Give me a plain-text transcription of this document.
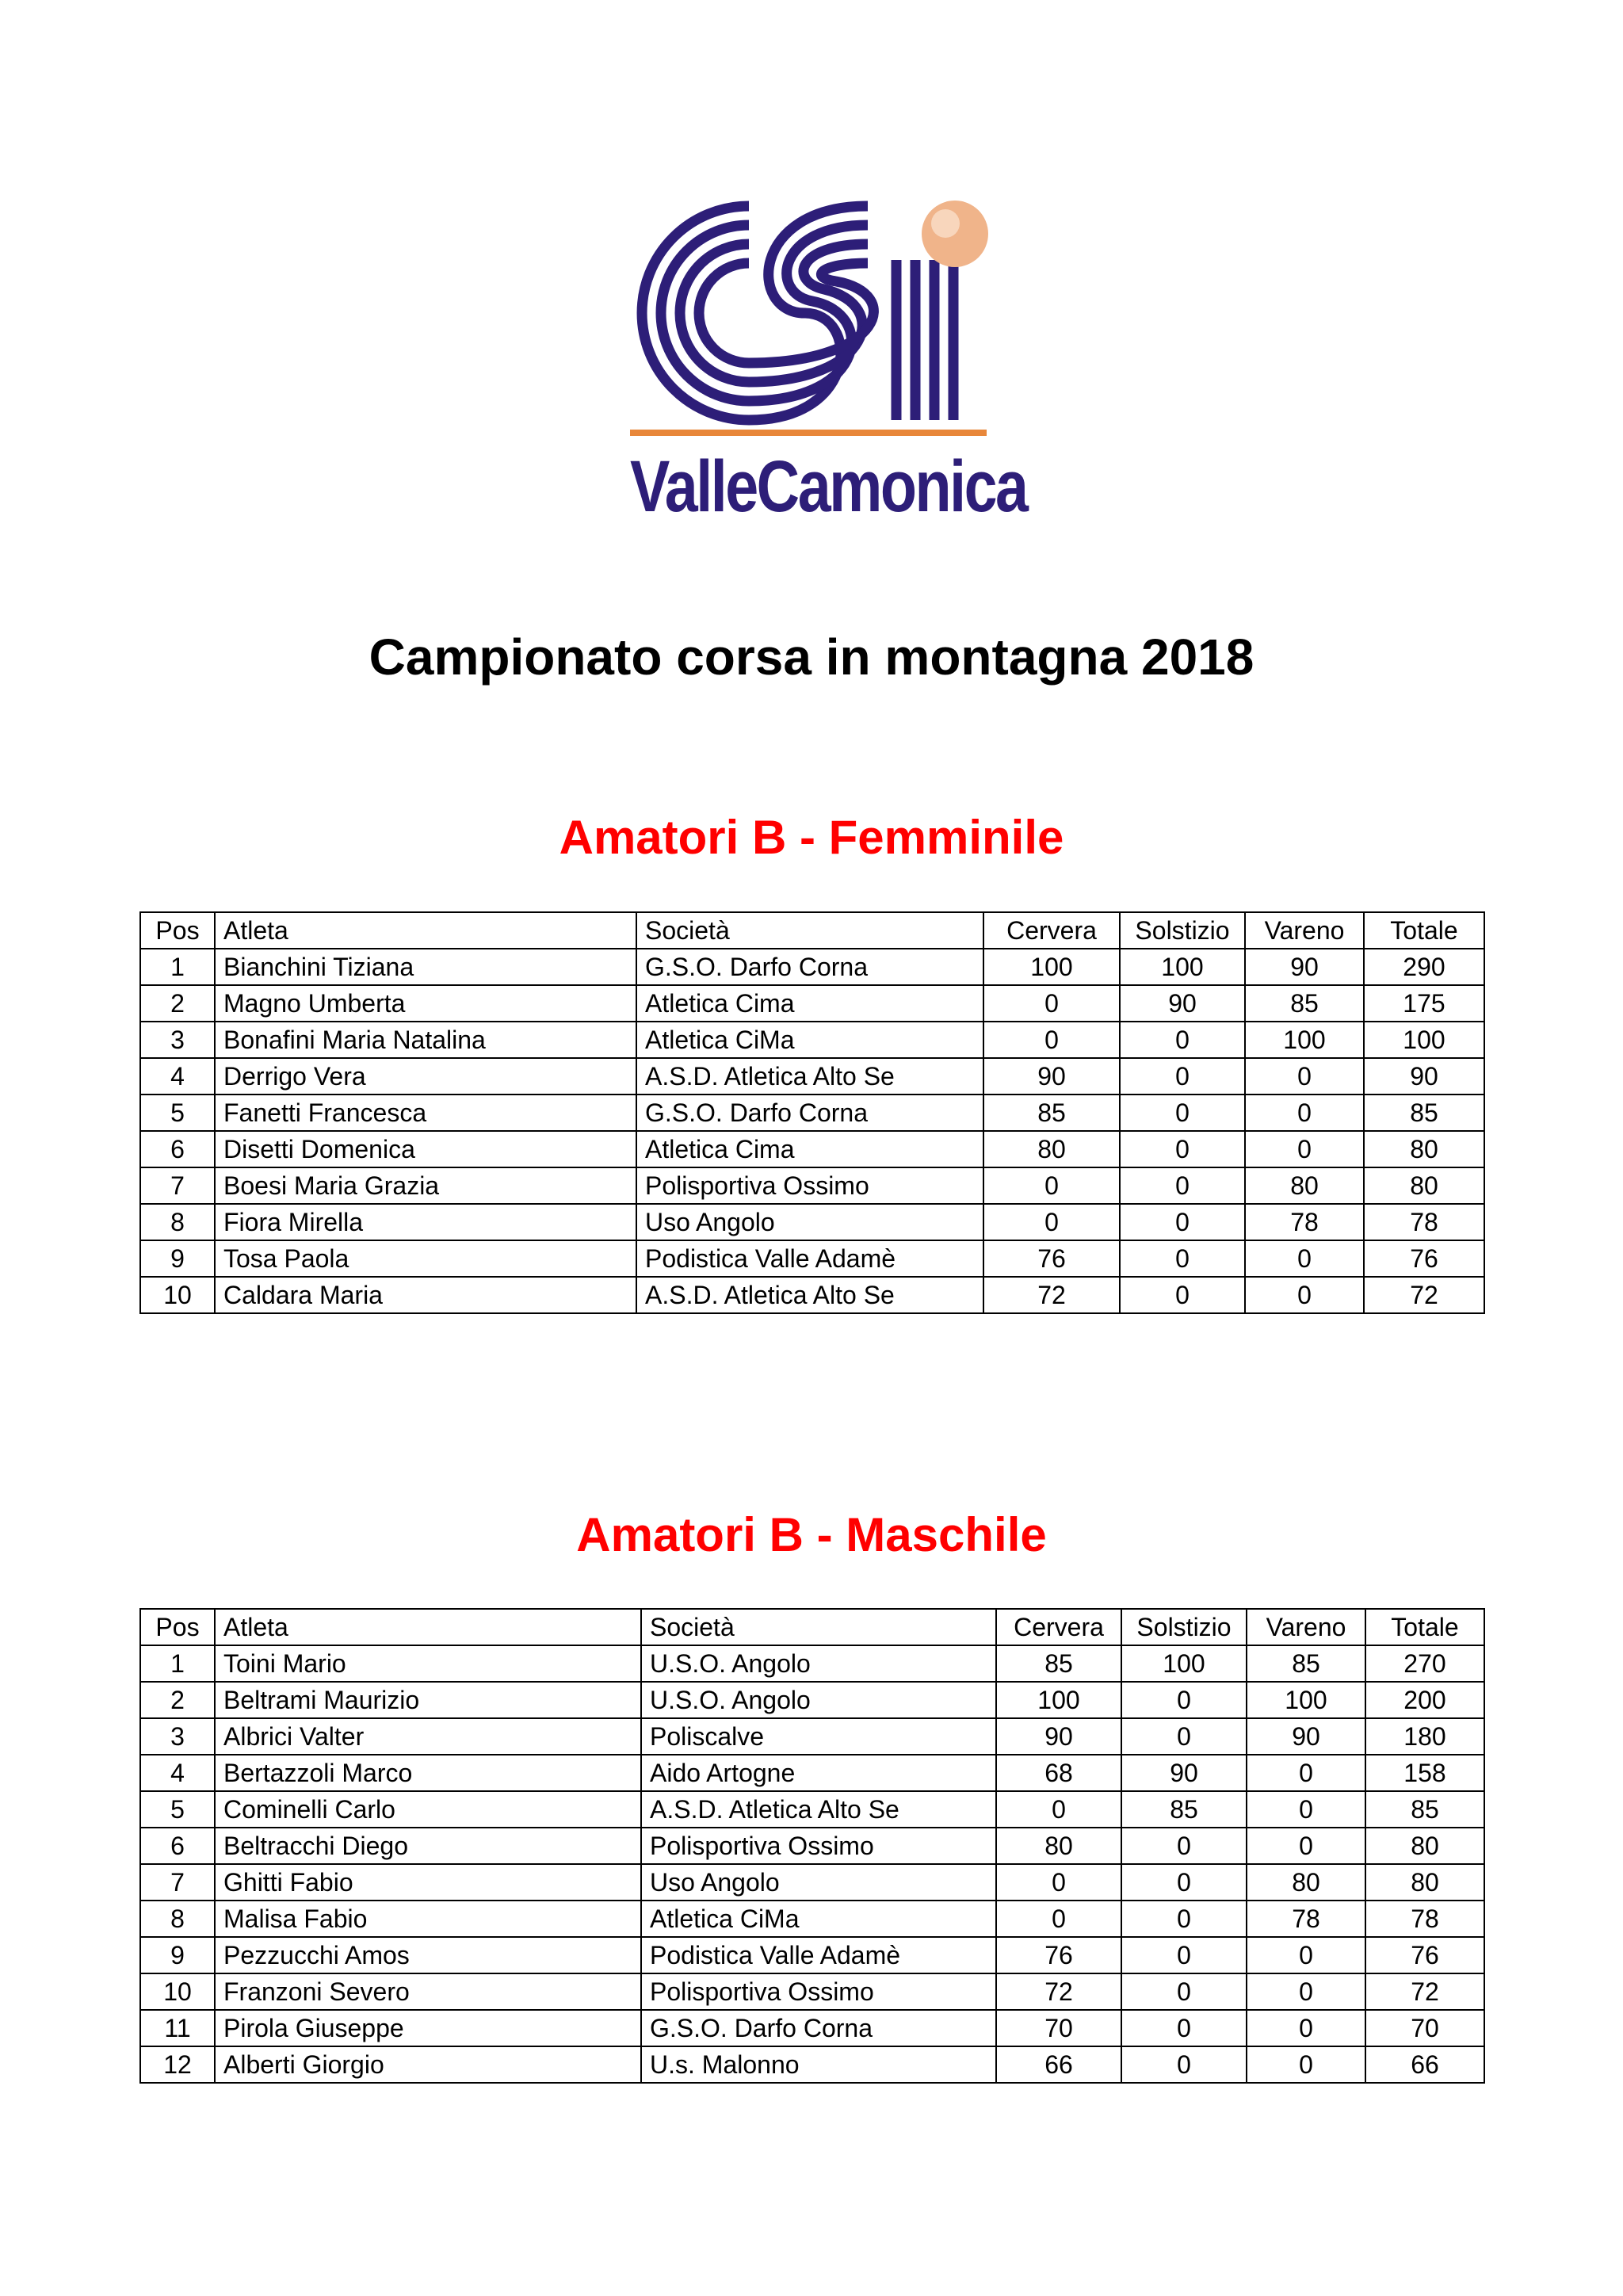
ValleCamonica
Campionato corsa in montagna 2018
Amatori B - Femminile
Pos	Atleta	Società	Cervera	Solstizio	Vareno	Totale
1	Bianchini Tiziana	G.S.O. Darfo Corna	100	100	90	290
2	Magno Umberta	Atletica Cima	0	90	85	175
3	Bonafini Maria Natalina	Atletica CiMa	0	0	100	100
4	Derrigo Vera	A.S.D. Atletica Alto Se	90	0	0	90
5	Fanetti Francesca	G.S.O. Darfo Corna	85	0	0	85
6	Disetti Domenica	Atletica Cima	80	0	0	80
7	Boesi Maria Grazia	Polisportiva Ossimo	0	0	80	80
8	Fiora Mirella	Uso Angolo	0	0	78	78
9	Tosa Paola	Podistica Valle Adamè	76	0	0	76
10	Caldara Maria	A.S.D. Atletica Alto Se	72	0	0	72
Amatori B - Maschile
Pos	Atleta	Società	Cervera	Solstizio	Vareno	Totale
1	Toini Mario	U.S.O. Angolo	85	100	85	270
2	Beltrami Maurizio	U.S.O. Angolo	100	0	100	200
3	Albrici Valter	Poliscalve	90	0	90	180
4	Bertazzoli Marco	Aido Artogne	68	90	0	158
5	Cominelli Carlo	A.S.D. Atletica Alto Se	0	85	0	85
6	Beltracchi Diego	Polisportiva Ossimo	80	0	0	80
7	Ghitti Fabio	Uso Angolo	0	0	80	80
8	Malisa Fabio	Atletica CiMa	0	0	78	78
9	Pezzucchi Amos	Podistica Valle Adamè	76	0	0	76
10	Franzoni Severo	Polisportiva Ossimo	72	0	0	72
11	Pirola Giuseppe	G.S.O. Darfo Corna	70	0	0	70
12	Alberti Giorgio	U.s. Malonno	66	0	0	66
